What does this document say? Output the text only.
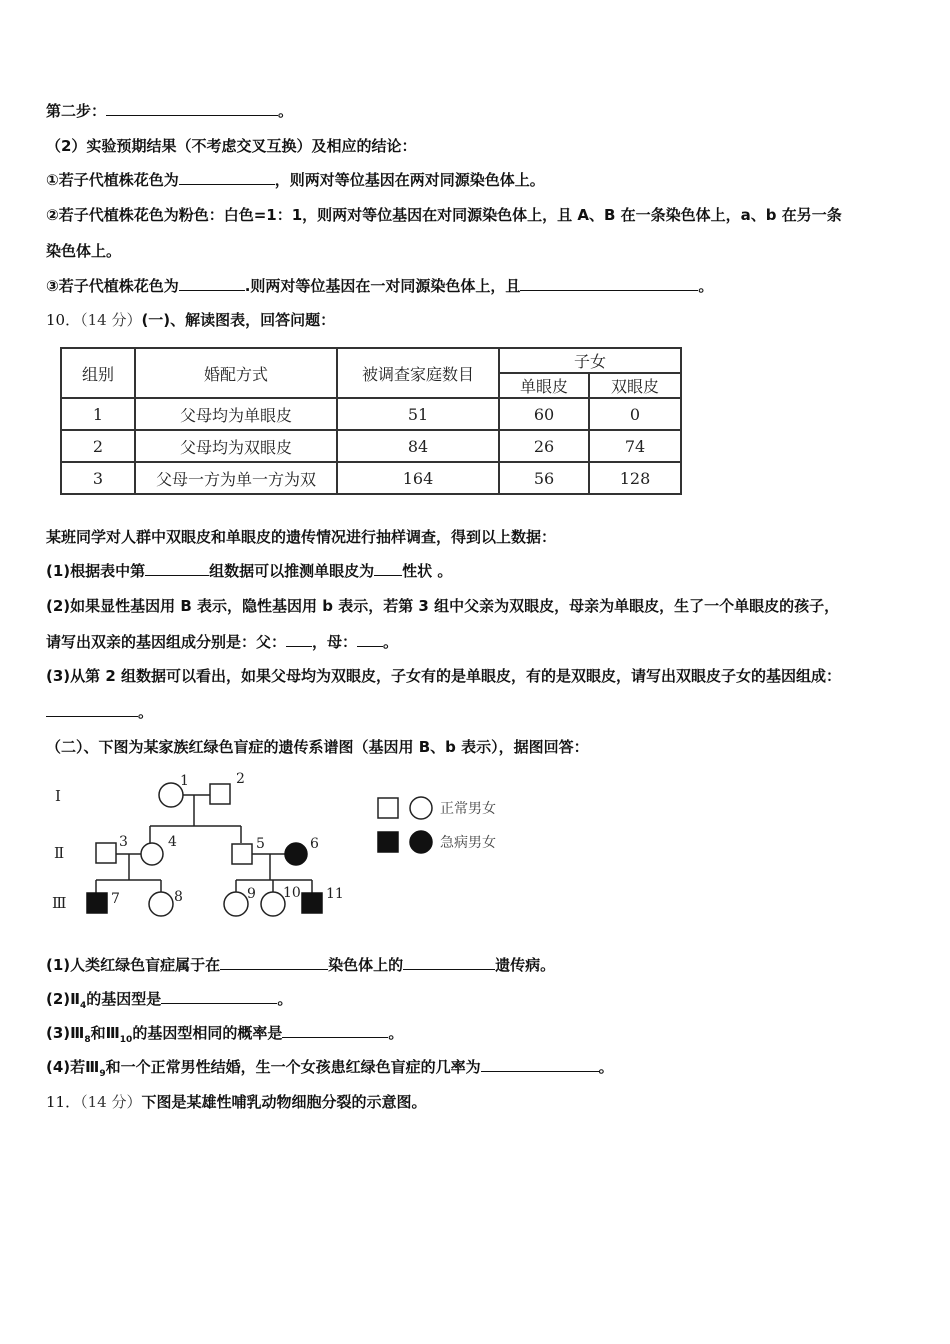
第二步：	。
（2）实验预期结果（不考虑交叉互换）及相应的结论：
①若子代植株花色为	，则两对等位基因在两对同源染色体上。
②若子代植株花色为粉色：白色=1：1，则两对等位基因在对同源染色体上，且 A、B 在一条染色体上，a、b 在另一条
染色体上。
③若子代植株花色为	.则两对等位基因在一对同源染色体上，且	。
10．（14 分）(一)、解读图表，回答问题：
组别	婚配方式	被调查家庭数目	子女	
			单眼皮	双眼皮
1	父母均为单眼皮	51	60	0
2	父母均为双眼皮	84	26	74
3	父母一方为单一方为双	164	56	128
某班同学对人群中双眼皮和单眼皮的遗传情况进行抽样调查，得到以上数据：
(1)根据表中第	组数据可以推测单眼皮为 性状 。
(2)如果显性基因用 B 表示，隐性基因用 b 表示，若第 3 组中父亲为双眼皮，母亲为单眼皮，生了一个单眼皮的孩子，
请写出双亲的基因组成分别是：父： ，母： 。
(3)从第 2 组数据可以看出，如果父母均为双眼皮，子女有的是单眼皮，有的是双眼皮，请写出双眼皮子女的基因组成：
。
（二）、下图为某家族红绿色盲症的遗传系谱图（基因用 B、b 表示），据图回答：
1	2
3	4	5	6
7	8	9 10 11
Ⅰ
Ⅱ
Ⅲ
正常男女
急病男女
(1)人类红绿色盲症属于在	染色体上的	遗传病。
$(2)Ⅱ_4$的基因型是	。
$(3)Ⅲ_8$和$Ⅲ_{10}$的基因型相同的概率是	。
(4)若$Ⅲ_9$和一个正常男性结婚，生一个女孩患红绿色盲症的几率为	。
11．（14 分）下图是某雄性哺乳动物细胞分裂的示意图。
